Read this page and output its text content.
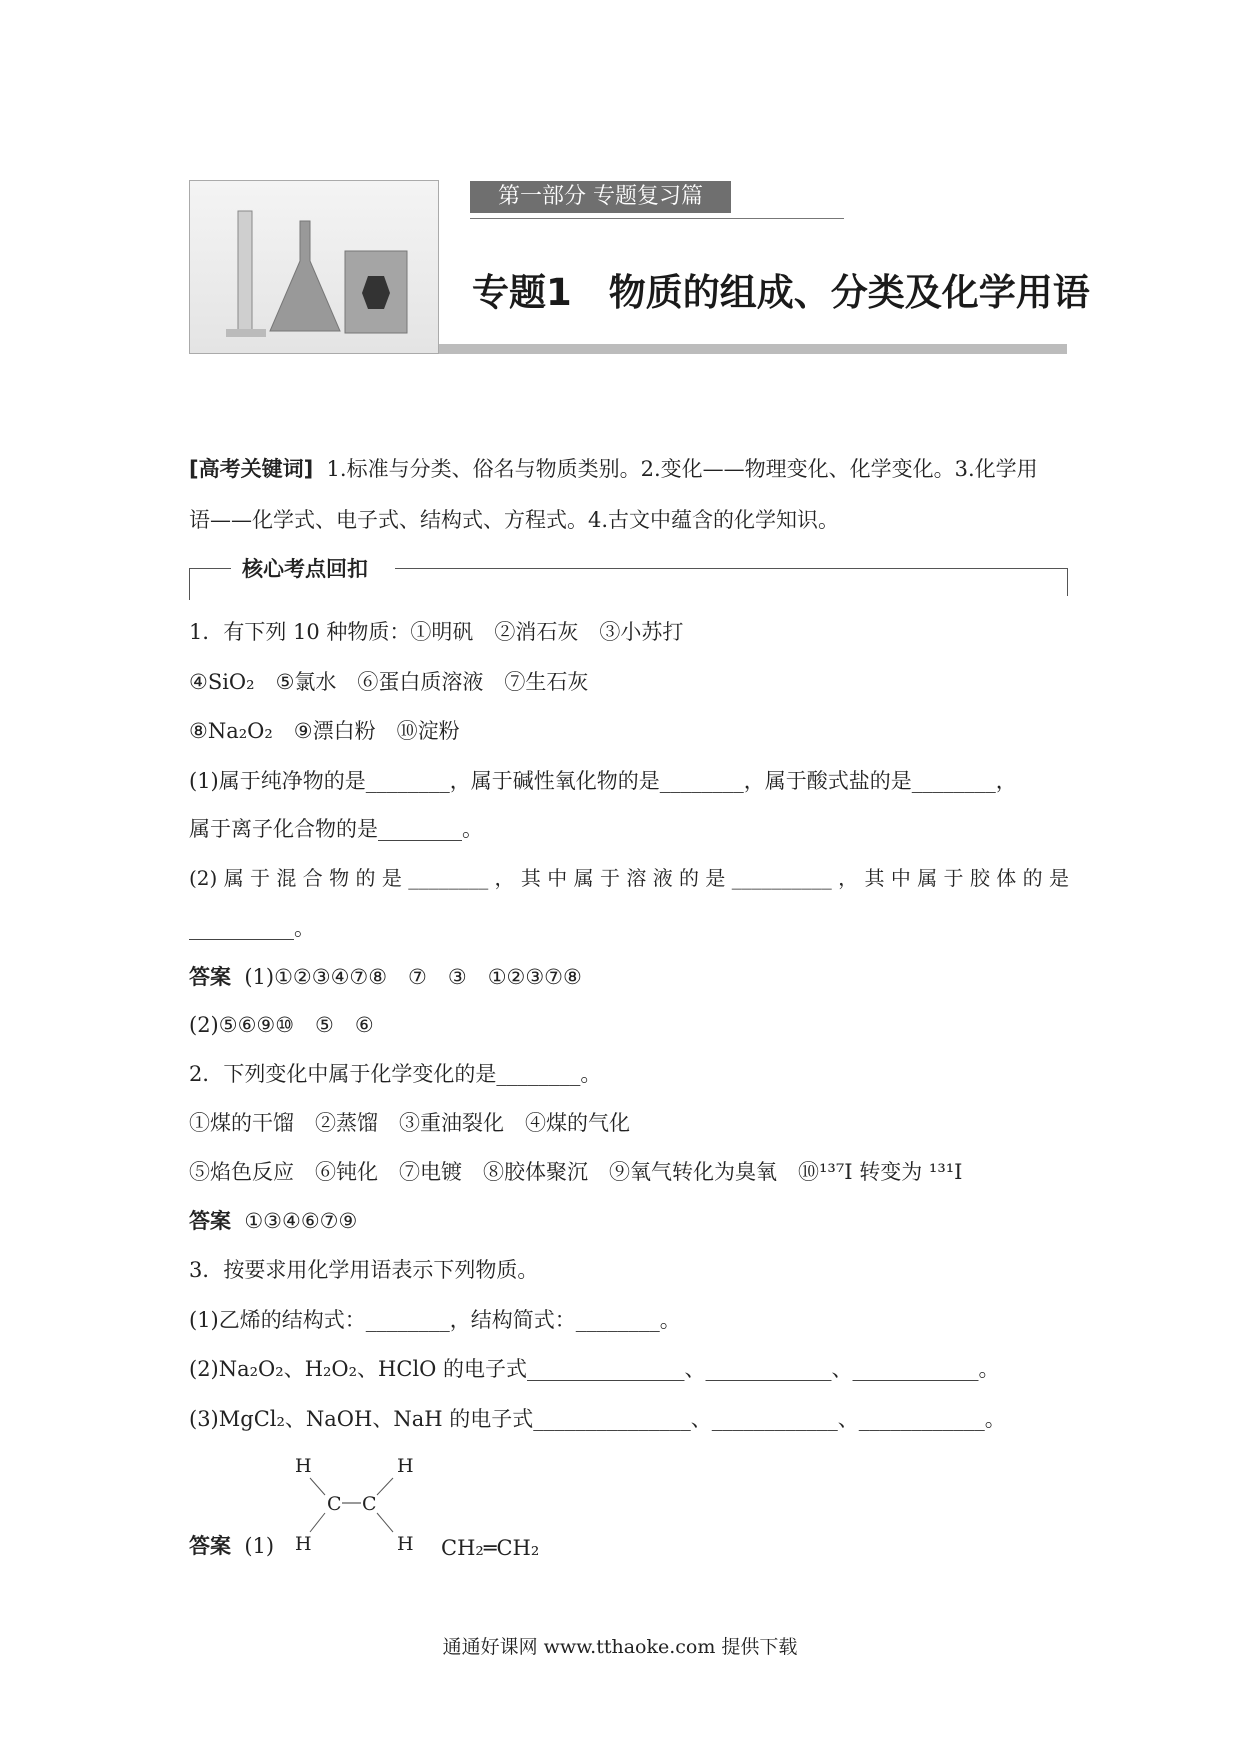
第一部分 专题复习篇
专题1　物质的组成、分类及化学用语
[高考关键词]  1.标准与分类、俗名与物质类别。2.变化——物理变化、化学变化。3.化学用
语——化学式、电子式、结构式、方程式。4.古文中蕴含的化学知识。
核心考点回扣
1．有下列 10 种物质：①明矾　②消石灰　③小苏打
④SiO₂　⑤氯水　⑥蛋白质溶液　⑦生石灰
⑧Na₂O₂　⑨漂白粉　⑩淀粉
(1)属于纯净物的是________，属于碱性氧化物的是________，属于酸式盐的是________，
属于离子化合物的是________。
(2) 属 于 混 合 物 的 是 ________ ， 其 中 属 于 溶 液 的 是 __________ ， 其 中 属 于 胶 体 的 是
__________。
答案  (1)①②③④⑦⑧　⑦　③　①②③⑦⑧
(2)⑤⑥⑨⑩　⑤　⑥
2．下列变化中属于化学变化的是________。
①煤的干馏　②蒸馏　③重油裂化　④煤的气化
⑤焰色反应　⑥钝化　⑦电镀　⑧胶体聚沉　⑨氧气转化为臭氧　⑩¹³⁷I 转变为 ¹³¹I
答案  ①③④⑥⑦⑨
3．按要求用化学用语表示下列物质。
(1)乙烯的结构式：________，结构简式：________。
(2)Na₂O₂、H₂O₂、HClO 的电子式_______________、____________、____________。
(3)MgCl₂、NaOH、NaH 的电子式_______________、____________、____________。
答案  (1)
H	H
C C
H	H CH₂═CH₂
通通好课网 www.tthaoke.com 提供下载
